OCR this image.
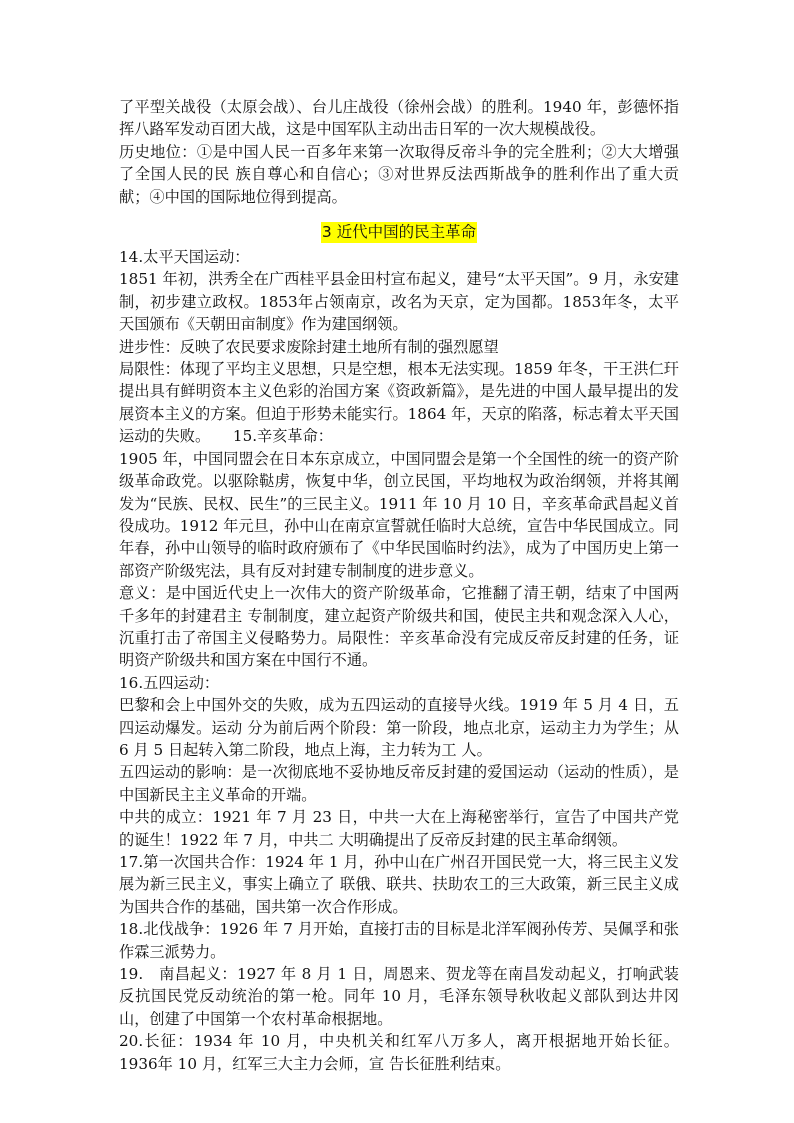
了平型关战役（太原会战）、台儿庄战役（徐州会战）的胜利。1940 年，彭德怀指挥八路军发动百团大战，这是中国军队主动出击日军的一次大规模战役。

历史地位：①是中国人民一百多年来第一次取得反帝斗争的完全胜利；②大大增强了全国人民的民 族自尊心和自信心；③对世界反法西斯战争的胜利作出了重大贡献；④中国的国际地位得到提高。

3 近代中国的民主革命

14.太平天国运动：

1851 年初，洪秀全在广西桂平县金田村宣布起义，建号“太平天国”。9 月，永安建制，初步建立政权。1853年占领南京，改名为天京，定为国都。1853年冬，太平天国颁布《天朝田亩制度》作为建国纲领。

进步性：反映了农民要求废除封建土地所有制的强烈愿望

局限性：体现了平均主义思想，只是空想，根本无法实现。1859 年冬，干王洪仁玕提出具有鲜明资本主义色彩的治国方案《资政新篇》，是先进的中国人最早提出的发展资本主义的方案。但迫于形势未能实行。1864 年，天京的陷落，标志着太平天国运动的失败。　　15.辛亥革命：

1905 年，中国同盟会在日本东京成立，中国同盟会是第一个全国性的统一的资产阶级革命政党。以驱除鞑虏，恢复中华，创立民国，平均地权为政治纲领，并将其阐发为“民族、民权、民生”的三民主义。1911 年 10 月 10 日，辛亥革命武昌起义首役成功。1912 年元旦，孙中山在南京宣誓就任临时大总统，宣告中华民国成立。同年春，孙中山领导的临时政府颁布了《中华民国临时约法》，成为了中国历史上第一部资产阶级宪法，具有反对封建专制制度的进步意义。

意义：是中国近代史上一次伟大的资产阶级革命，它推翻了清王朝，结束了中国两千多年的封建君主 专制制度，建立起资产阶级共和国，使民主共和观念深入人心，沉重打击了帝国主义侵略势力。局限性：辛亥革命没有完成反帝反封建的任务，证明资产阶级共和国方案在中国行不通。

16.五四运动：

巴黎和会上中国外交的失败，成为五四运动的直接导火线。1919 年 5 月 4 日，五四运动爆发。运动 分为前后两个阶段：第一阶段，地点北京，运动主力为学生；从 6 月 5 日起转入第二阶段，地点上海，主力转为工 人。

五四运动的影响：是一次彻底地不妥协地反帝反封建的爱国运动（运动的性质），是中国新民主主义革命的开端。

中共的成立：1921 年 7 月 23 日，中共一大在上海秘密举行，宣告了中国共产党的诞生！1922 年 7 月，中共二 大明确提出了反帝反封建的民主革命纲领。

17.第一次国共合作：1924 年 1 月，孙中山在广州召开国民党一大，将三民主义发展为新三民主义，事实上确立了 联俄、联共、扶助农工的三大政策，新三民主义成为国共合作的基础，国共第一次合作形成。

18.北伐战争：1926 年 7 月开始，直接打击的目标是北洋军阀孙传芳、吴佩孚和张作霖三派势力。

19.　南昌起义：1927 年 8 月 1 日，周恩来、贺龙等在南昌发动起义，打响武装反抗国民党反动统治的第一枪。同年 10 月，毛泽东领导秋收起义部队到达井冈山，创建了中国第一个农村革命根据地。

20.长征：1934 年 10 月，中央机关和红军八万多人，离开根据地开始长征。1936年 10 月，红军三大主力会师，宣 告长征胜利结束。
